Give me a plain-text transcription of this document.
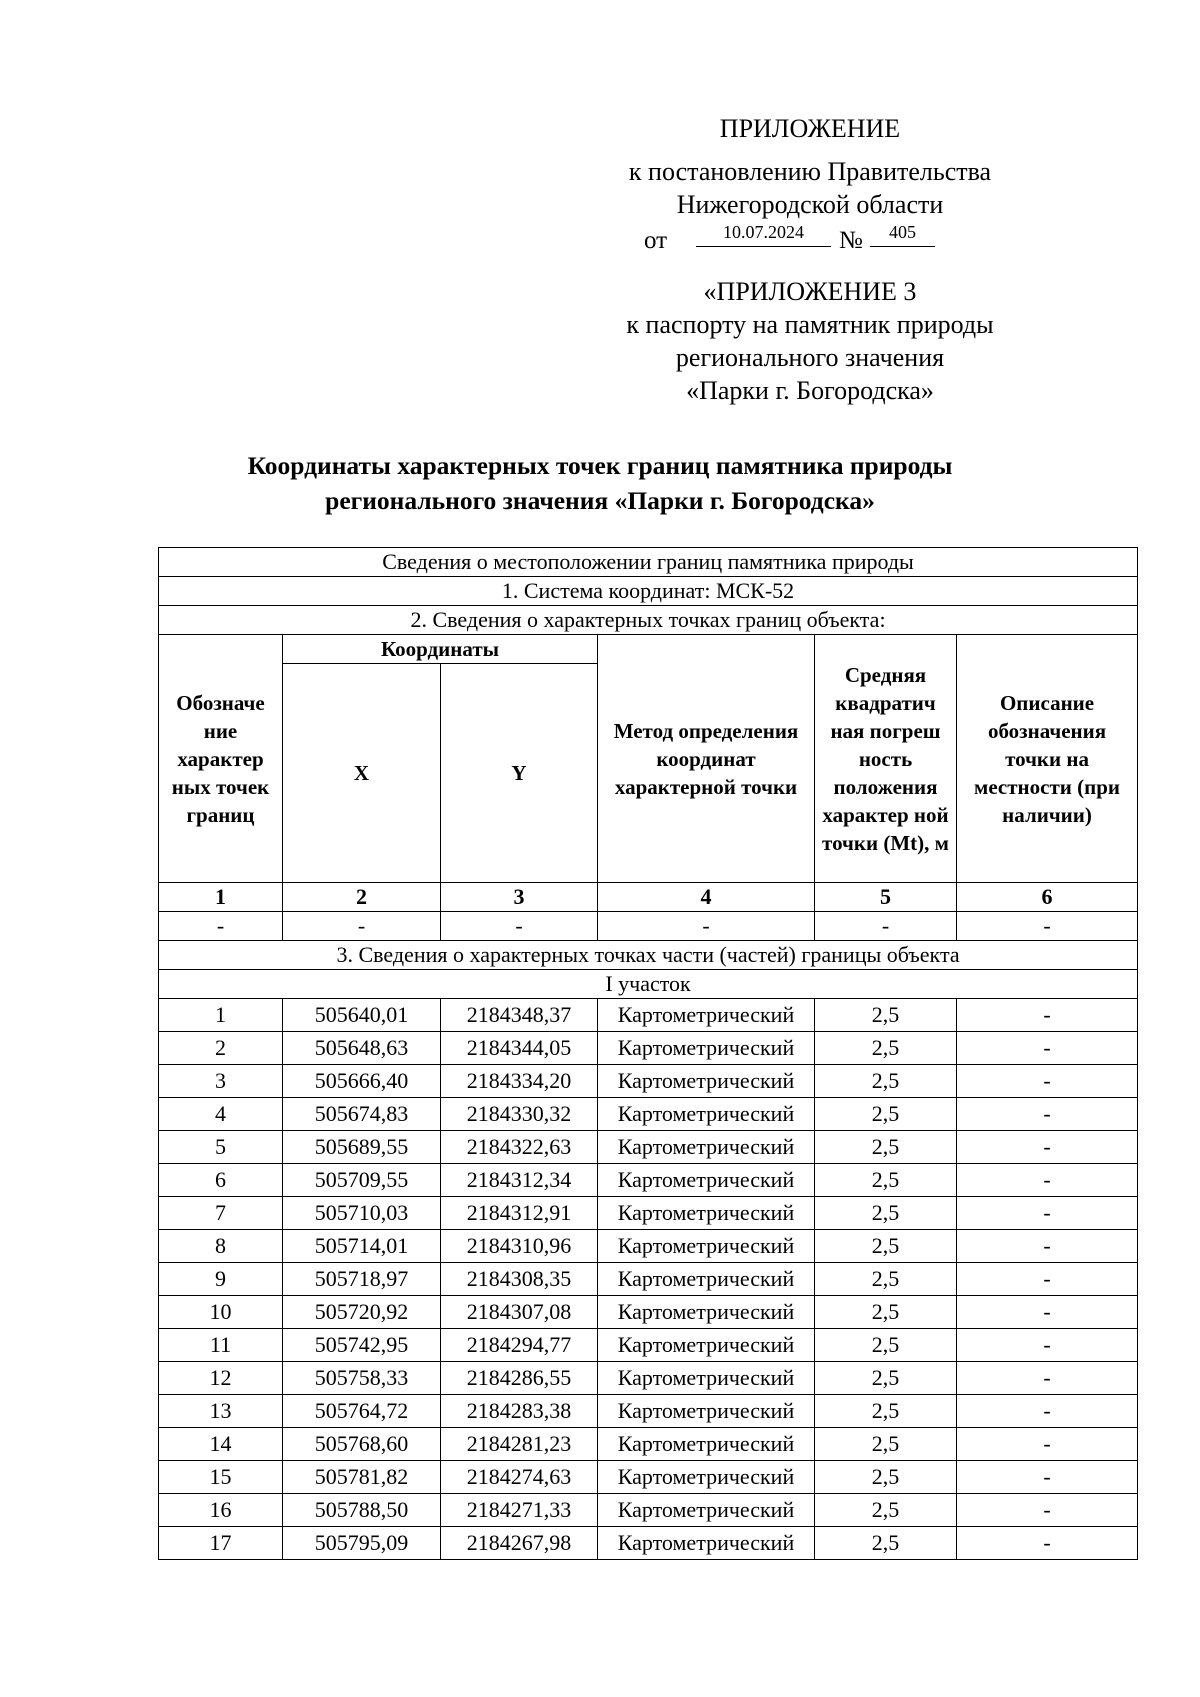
ПРИЛОЖЕНИЕ
к постановлению Правительства
Нижегородской области
от	10.07.2024	№	405
«ПРИЛОЖЕНИЕ 3
к паспорту на памятник природы
регионального значения
«Парки г. Богородска»
Координаты характерных точек границ памятника природы
регионального значения «Парки г. Богородска»
Сведения о местоположении границ памятника природы					
1. Система координат: МСК-52					
2. Сведения о характерных точках границ объекта:					
Обозначе ние характер ных точек границ	Координаты		Метод определения координат характерной точки	Средняя квадратич ная погреш ность положения характер ной точки (Mt), м	Описание обозначения точки на местности (при наличии)
	X	Y			
1	2	3	4	5	6
-	-	-	-	-	-
3. Сведения о характерных точках части (частей) границы объекта					
I участок					
1	505640,01	2184348,37	Картометрический	2,5	-
2	505648,63	2184344,05	Картометрический	2,5	-
3	505666,40	2184334,20	Картометрический	2,5	-
4	505674,83	2184330,32	Картометрический	2,5	-
5	505689,55	2184322,63	Картометрический	2,5	-
6	505709,55	2184312,34	Картометрический	2,5	-
7	505710,03	2184312,91	Картометрический	2,5	-
8	505714,01	2184310,96	Картометрический	2,5	-
9	505718,97	2184308,35	Картометрический	2,5	-
10	505720,92	2184307,08	Картометрический	2,5	-
11	505742,95	2184294,77	Картометрический	2,5	-
12	505758,33	2184286,55	Картометрический	2,5	-
13	505764,72	2184283,38	Картометрический	2,5	-
14	505768,60	2184281,23	Картометрический	2,5	-
15	505781,82	2184274,63	Картометрический	2,5	-
16	505788,50	2184271,33	Картометрический	2,5	-
17	505795,09	2184267,98	Картометрический	2,5	-
